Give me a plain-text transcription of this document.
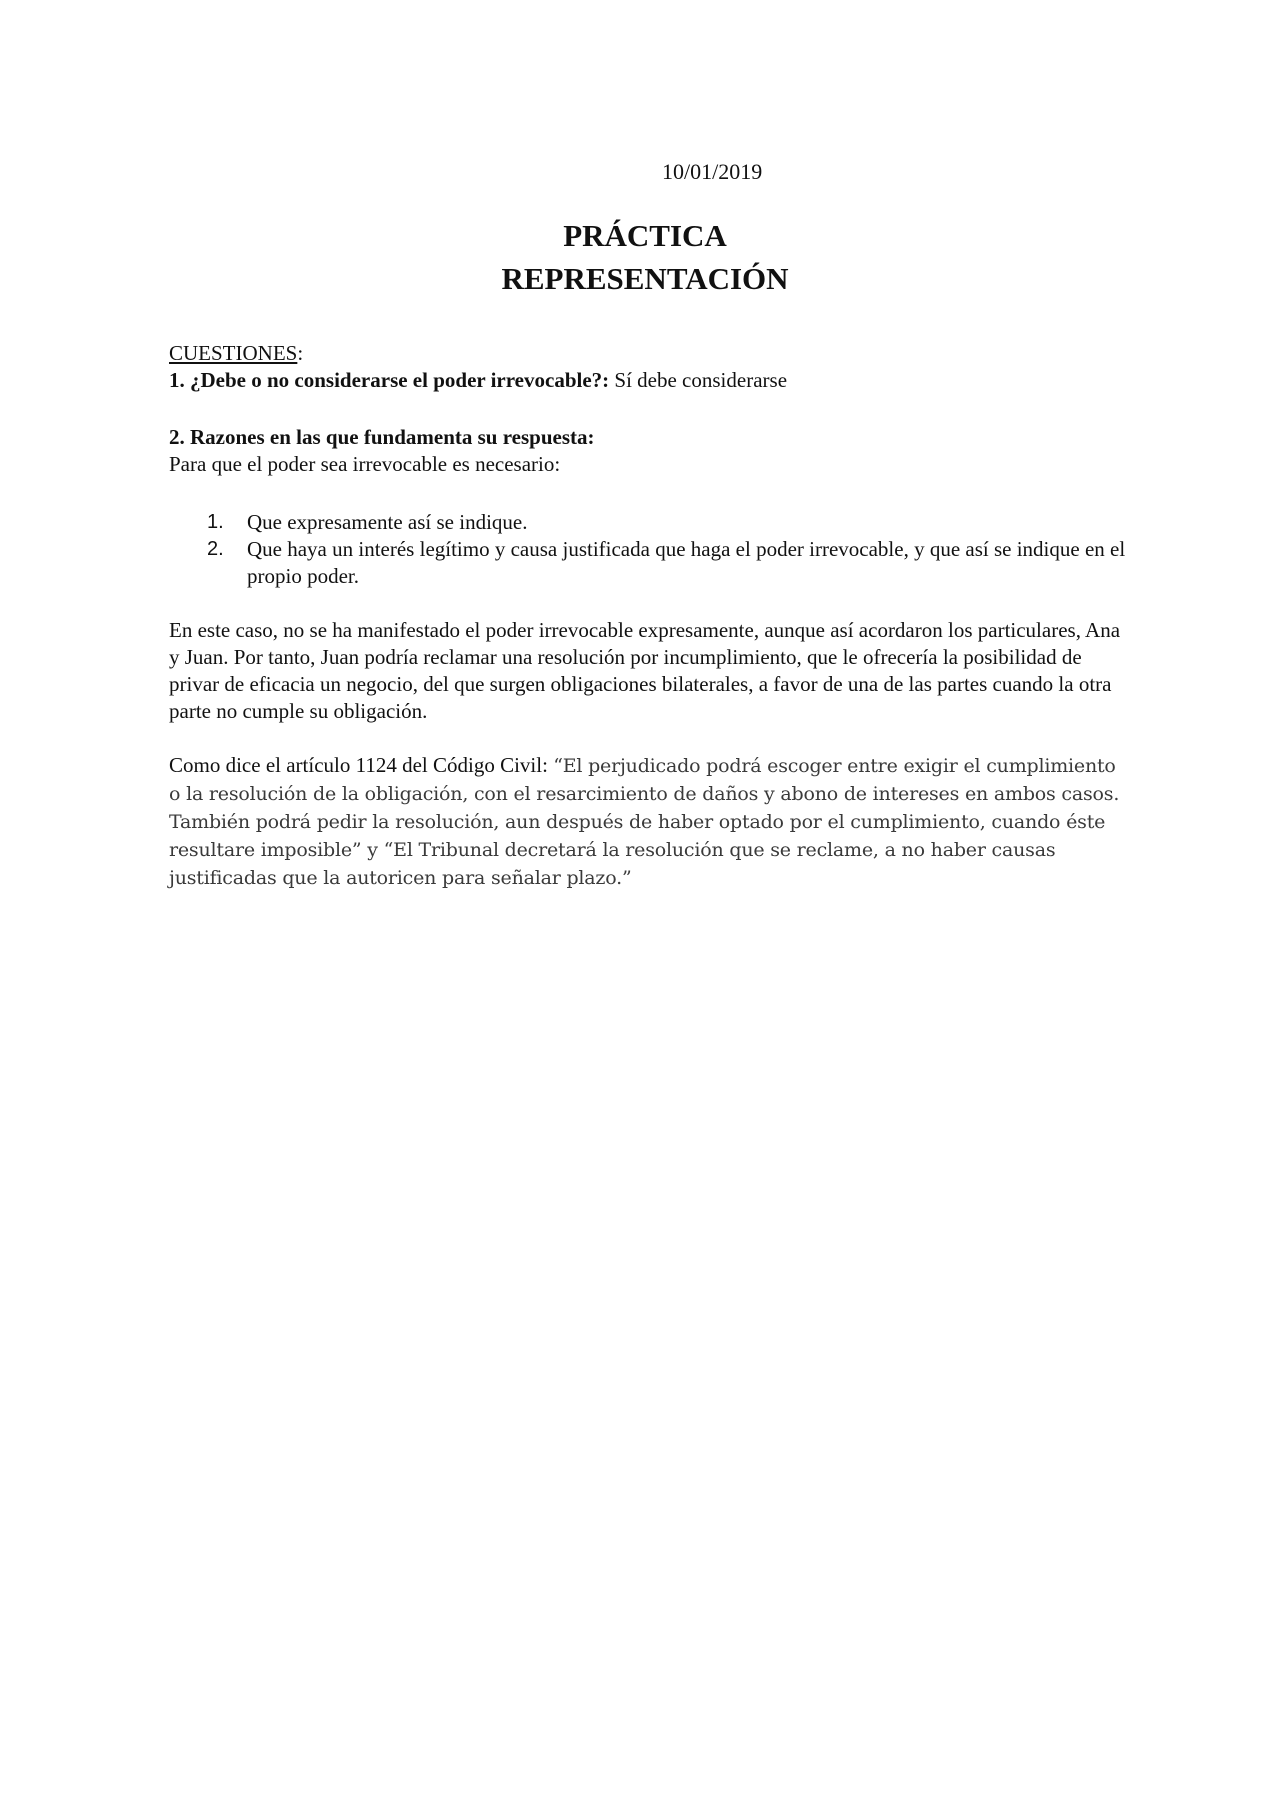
10/01/2019
PRÁCTICA
REPRESENTACIÓN
CUESTIONES:
1. ¿Debe o no considerarse el poder irrevocable?: Sí debe considerarse
2. Razones en las que fundamenta su respuesta:
Para que el poder sea irrevocable es necesario:
1. Que expresamente así se indique.
2. Que haya un interés legítimo y causa justificada que haga el poder irrevocable, y que así se indique en el propio poder.
En este caso, no se ha manifestado el poder irrevocable expresamente, aunque así acordaron los particulares, Ana y Juan. Por tanto, Juan podría reclamar una resolución por incumplimiento, que le ofrecería la posibilidad de privar de eficacia un negocio, del que surgen obligaciones bilaterales, a favor de una de las partes cuando la otra parte no cumple su obligación.
Como dice el artículo 1124 del Código Civil: “El perjudicado podrá escoger entre exigir el cumplimiento o la resolución de la obligación, con el resarcimiento de daños y abono de intereses en ambos casos. También podrá pedir la resolución, aun después de haber optado por el cumplimiento, cuando éste resultare imposible” y “El Tribunal decretará la resolución que se reclame, a no haber causas justificadas que la autoricen para señalar plazo.”
